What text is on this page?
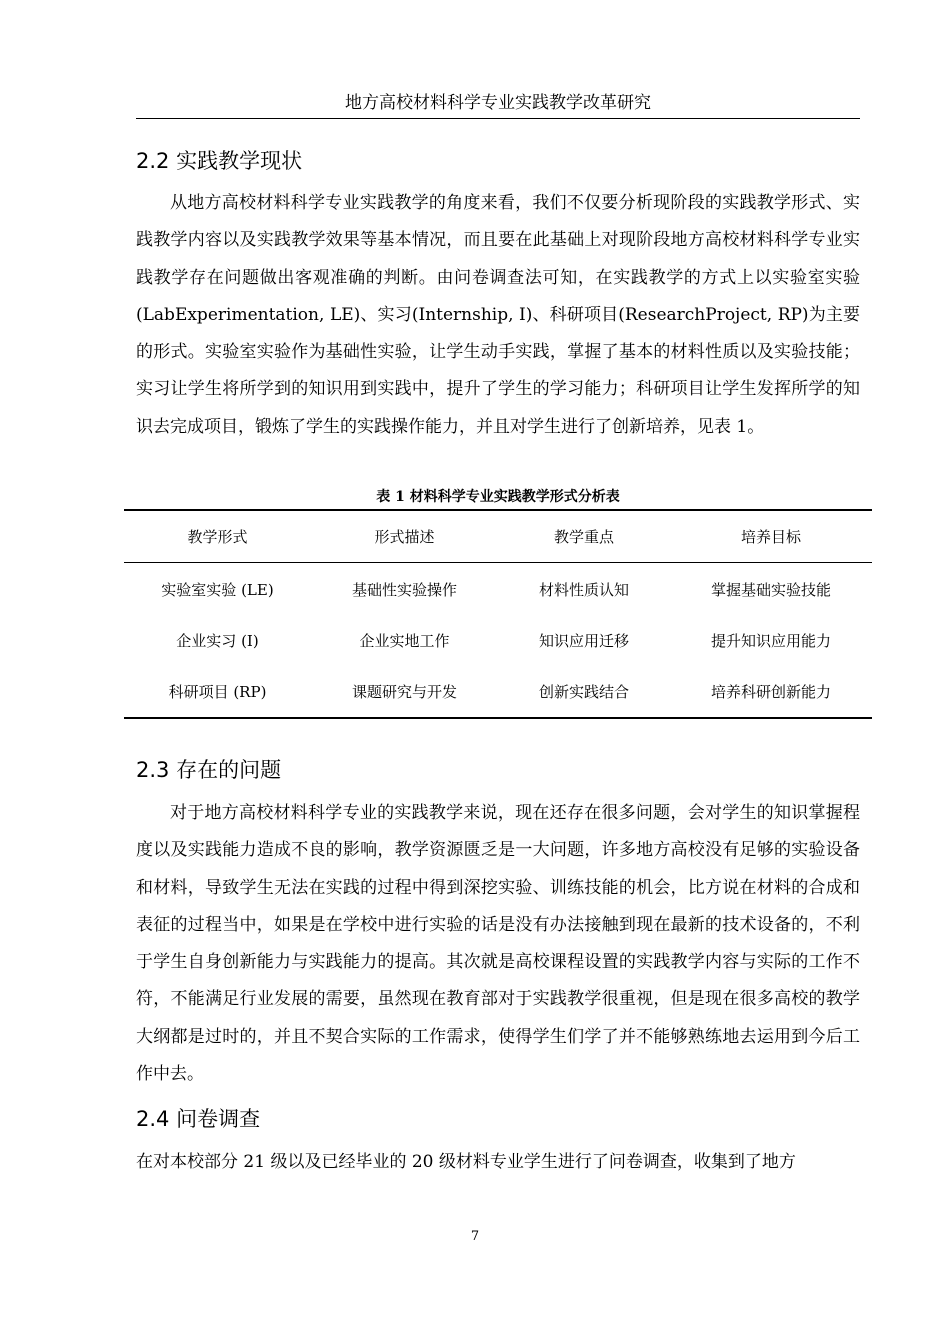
地方高校材料科学专业实践教学改革研究
2.2 实践教学现状
从地方高校材料科学专业实践教学的角度来看，我们不仅要分析现阶段的实践教学形式、实践教学内容以及实践教学效果等基本情况，而且要在此基础上对现阶段地方高校材料科学专业实践教学存在问题做出客观准确的判断。由问卷调查法可知，在实践教学的方式上以实验室实验(LabExperimentation, LE)、实习(Internship, I)、科研项目(ResearchProject, RP)为主要的形式。实验室实验作为基础性实验，让学生动手实践，掌握了基本的材料性质以及实验技能；实习让学生将所学到的知识用到实践中，提升了学生的学习能力；科研项目让学生发挥所学的知识去完成项目，锻炼了学生的实践操作能力，并且对学生进行了创新培养，见表 1。
表 1 材料科学专业实践教学形式分析表
教学形式	形式描述	教学重点	培养目标
实验室实验 (LE)	基础性实验操作	材料性质认知	掌握基础实验技能
企业实习 (I)	企业实地工作	知识应用迁移	提升知识应用能力
科研项目 (RP)	课题研究与开发	创新实践结合	培养科研创新能力
2.3 存在的问题
对于地方高校材料科学专业的实践教学来说，现在还存在很多问题，会对学生的知识掌握程度以及实践能力造成不良的影响，教学资源匮乏是一大问题，许多地方高校没有足够的实验设备和材料，导致学生无法在实践的过程中得到深挖实验、训练技能的机会，比方说在材料的合成和表征的过程当中，如果是在学校中进行实验的话是没有办法接触到现在最新的技术设备的，不利于学生自身创新能力与实践能力的提高。其次就是高校课程设置的实践教学内容与实际的工作不符，不能满足行业发展的需要，虽然现在教育部对于实践教学很重视，但是现在很多高校的教学大纲都是过时的，并且不契合实际的工作需求，使得学生们学了并不能够熟练地去运用到今后工作中去。
2.4 问卷调查
在对本校部分 21 级以及已经毕业的 20 级材料专业学生进行了问卷调查，收集到了地方
7
